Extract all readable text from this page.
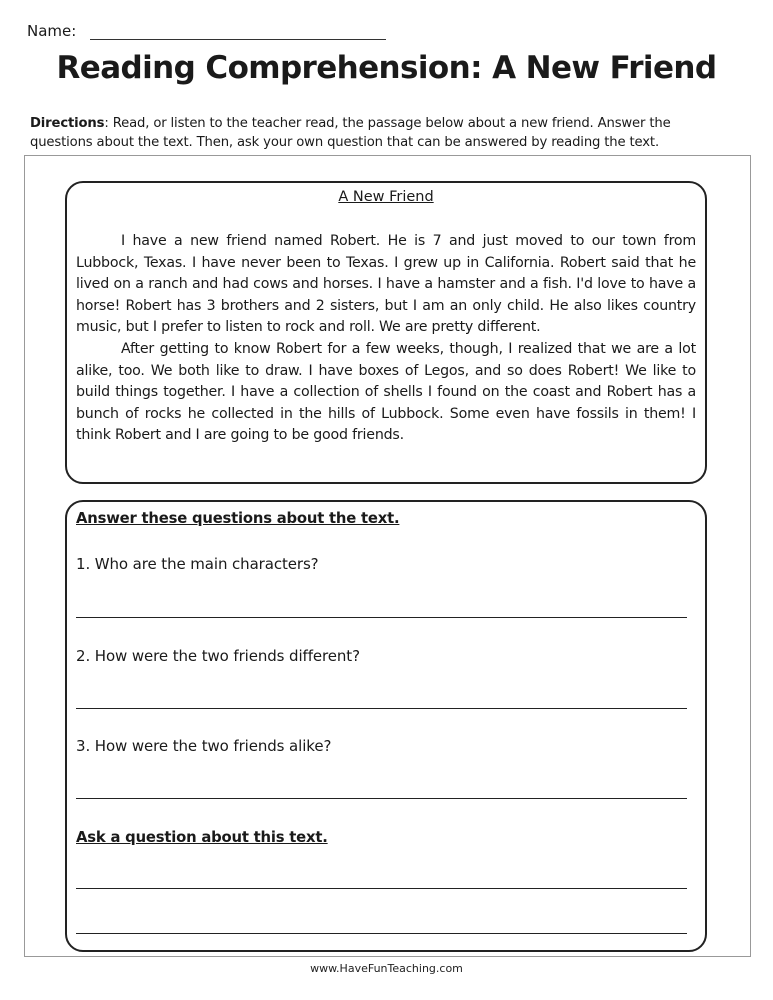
Name:
Reading Comprehension: A New Friend
Directions: Read, or listen to the teacher read, the passage below about a new friend. Answer the questions about the text. Then, ask your own question that can be answered by reading the text.
A New Friend

I have a new friend named Robert. He is 7 and just moved to our town from Lubbock, Texas. I have never been to Texas. I grew up in California. Robert said that he lived on a ranch and had cows and horses. I have a hamster and a fish. I'd love to have a horse! Robert has 3 brothers and 2 sisters, but I am an only child. He also likes country music, but I prefer to listen to rock and roll. We are pretty different.

After getting to know Robert for a few weeks, though, I realized that we are a lot alike, too. We both like to draw. I have boxes of Legos, and so does Robert! We like to build things together. I have a collection of shells I found on the coast and Robert has a bunch of rocks he collected in the hills of Lubbock. Some even have fossils in them! I think Robert and I are going to be good friends.

Answer these questions about the text.
1. Who are the main characters?
2. How were the two friends different?
3. How were the two friends alike?
Ask a question about this text.
www.HaveFunTeaching.com
